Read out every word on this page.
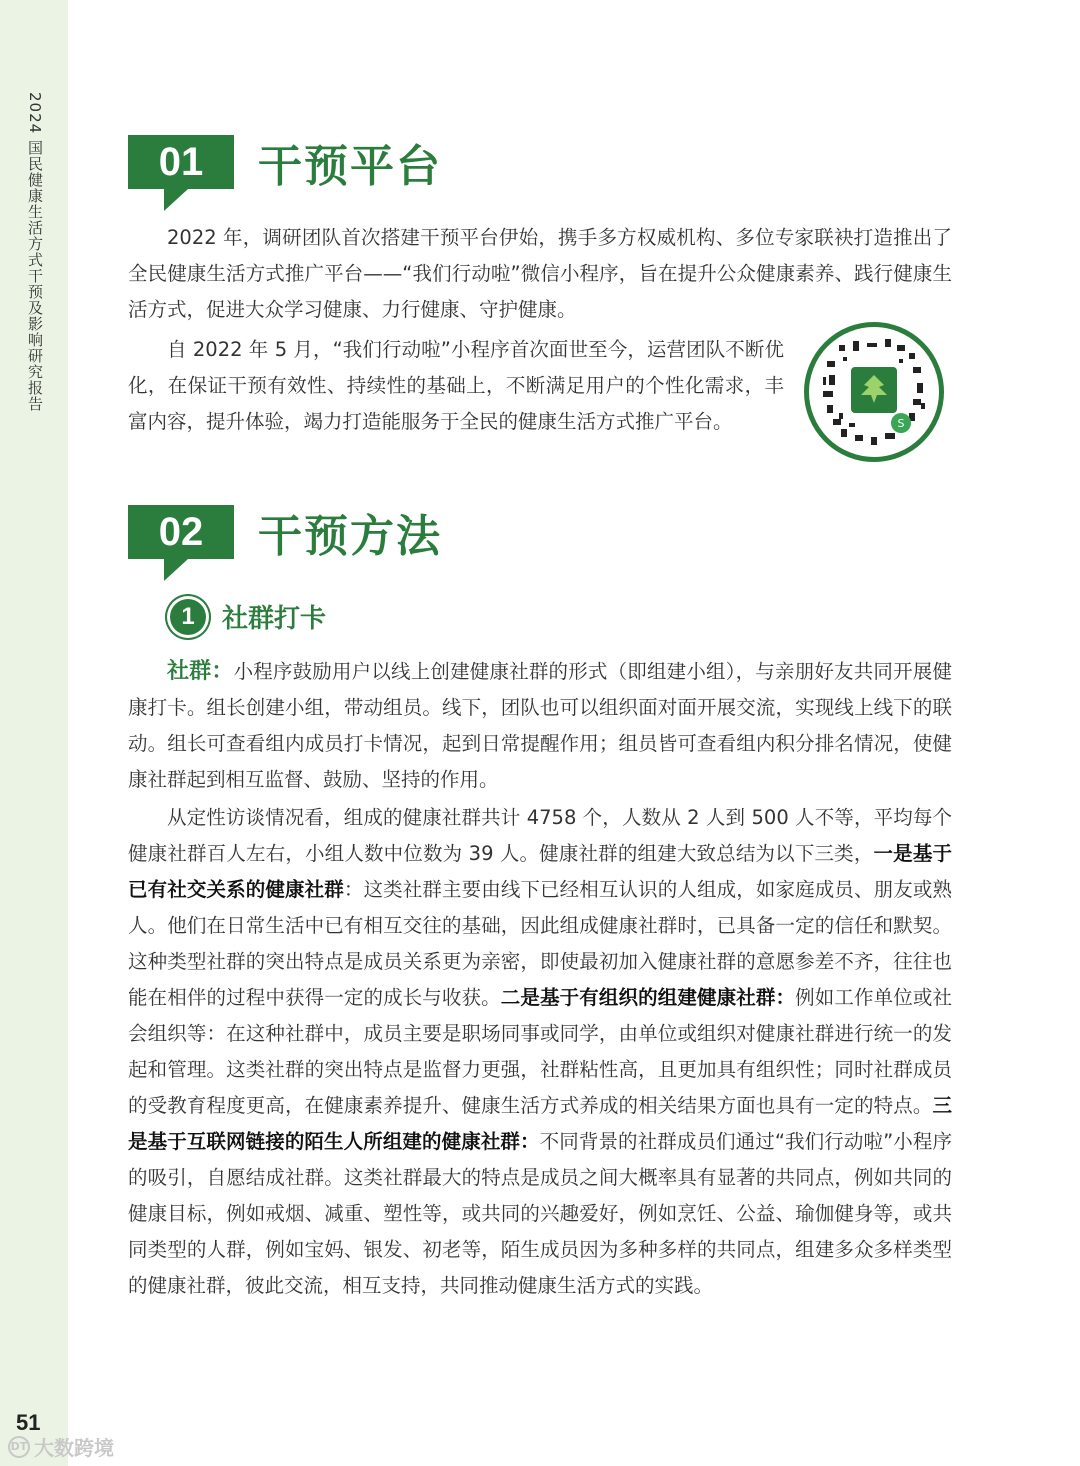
2024 国民健康生活方式干预及影响研究报告
51
DT 大数跨境
01	干预平台

2022 年，调研团队首次搭建干预平台伊始，携手多方权威机构、多位专家联袂打造推出了全民健康生活方式推广平台——“我们行动啦”微信小程序，旨在提升公众健康素养、践行健康生活方式，促进大众学习健康、力行健康、守护健康。

自 2022 年 5 月，“我们行动啦”小程序首次面世至今，运营团队不断优化，在保证干预有效性、持续性的基础上，不断满足用户的个性化需求，丰富内容，提升体验，竭力打造能服务于全民的健康生活方式推广平台。	S
02	干预方法
1	社群打卡

社群：小程序鼓励用户以线上创建健康社群的形式（即组建小组），与亲朋好友共同开展健康打卡。组长创建小组，带动组员。线下，团队也可以组织面对面开展交流，实现线上线下的联动。组长可查看组内成员打卡情况，起到日常提醒作用；组员皆可查看组内积分排名情况，使健康社群起到相互监督、鼓励、坚持的作用。

从定性访谈情况看，组成的健康社群共计 4758 个，人数从 2 人到 500 人不等，平均每个健康社群百人左右，小组人数中位数为 39 人。健康社群的组建大致总结为以下三类，一是基于已有社交关系的健康社群：这类社群主要由线下已经相互认识的人组成，如家庭成员、朋友或熟人。他们在日常生活中已有相互交往的基础，因此组成健康社群时，已具备一定的信任和默契。这种类型社群的突出特点是成员关系更为亲密，即使最初加入健康社群的意愿参差不齐，往往也能在相伴的过程中获得一定的成长与收获。二是基于有组织的组建健康社群：例如工作单位或社会组织等：在这种社群中，成员主要是职场同事或同学，由单位或组织对健康社群进行统一的发起和管理。这类社群的突出特点是监督力更强，社群粘性高，且更加具有组织性；同时社群成员的受教育程度更高，在健康素养提升、健康生活方式养成的相关结果方面也具有一定的特点。三是基于互联网链接的陌生人所组建的健康社群：不同背景的社群成员们通过“我们行动啦”小程序的吸引，自愿结成社群。这类社群最大的特点是成员之间大概率具有显著的共同点，例如共同的健康目标，例如戒烟、减重、塑性等，或共同的兴趣爱好，例如烹饪、公益、瑜伽健身等，或共同类型的人群，例如宝妈、银发、初老等，陌生成员因为多种多样的共同点，组建多众多样类型的健康社群，彼此交流，相互支持，共同推动健康生活方式的实践。
